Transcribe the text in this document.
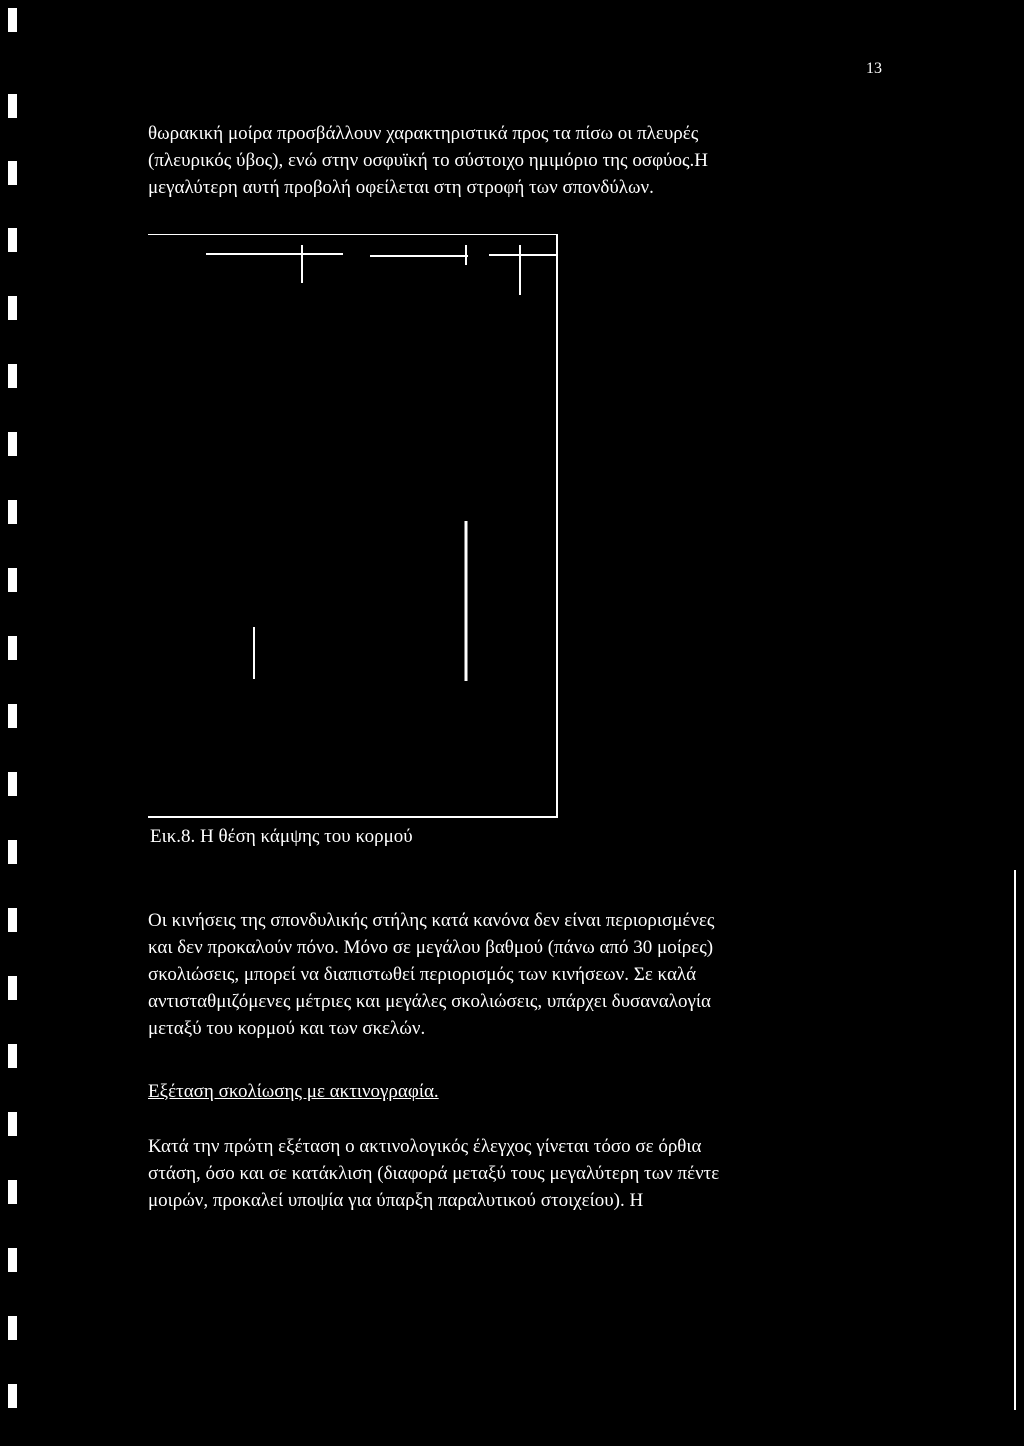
13
θωρακική μοίρα προσβάλλουν χαρακτηριστικά προς τα πίσω οι πλευρές
(πλευρικός ύβος), ενώ στην οσφυϊκή το σύστοιχο ημιμόριο της οσφύος.Η
μεγαλύτερη αυτή προβολή οφείλεται στη στροφή των σπονδύλων.
Εικ.8. Η θέση κάμψης του κορμού
Οι κινήσεις της σπονδυλικής στήλης κατά κανόνα δεν είναι περιορισμένες
και δεν προκαλούν πόνο. Μόνο σε μεγάλου βαθμού (πάνω από 30 μοίρες)
σκολιώσεις, μπορεί να διαπιστωθεί περιορισμός των κινήσεων. Σε καλά
αντισταθμιζόμενες μέτριες και μεγάλες σκολιώσεις, υπάρχει δυσαναλογία
μεταξύ του κορμού και των σκελών.
Εξέταση σκολίωσης με ακτινογραφία.
Κατά την πρώτη εξέταση ο ακτινολογικός έλεγχος γίνεται τόσο σε όρθια
στάση, όσο και σε κατάκλιση (διαφορά μεταξύ τους μεγαλύτερη των πέντε
μοιρών, προκαλεί υποψία για ύπαρξη παραλυτικού στοιχείου). Η
